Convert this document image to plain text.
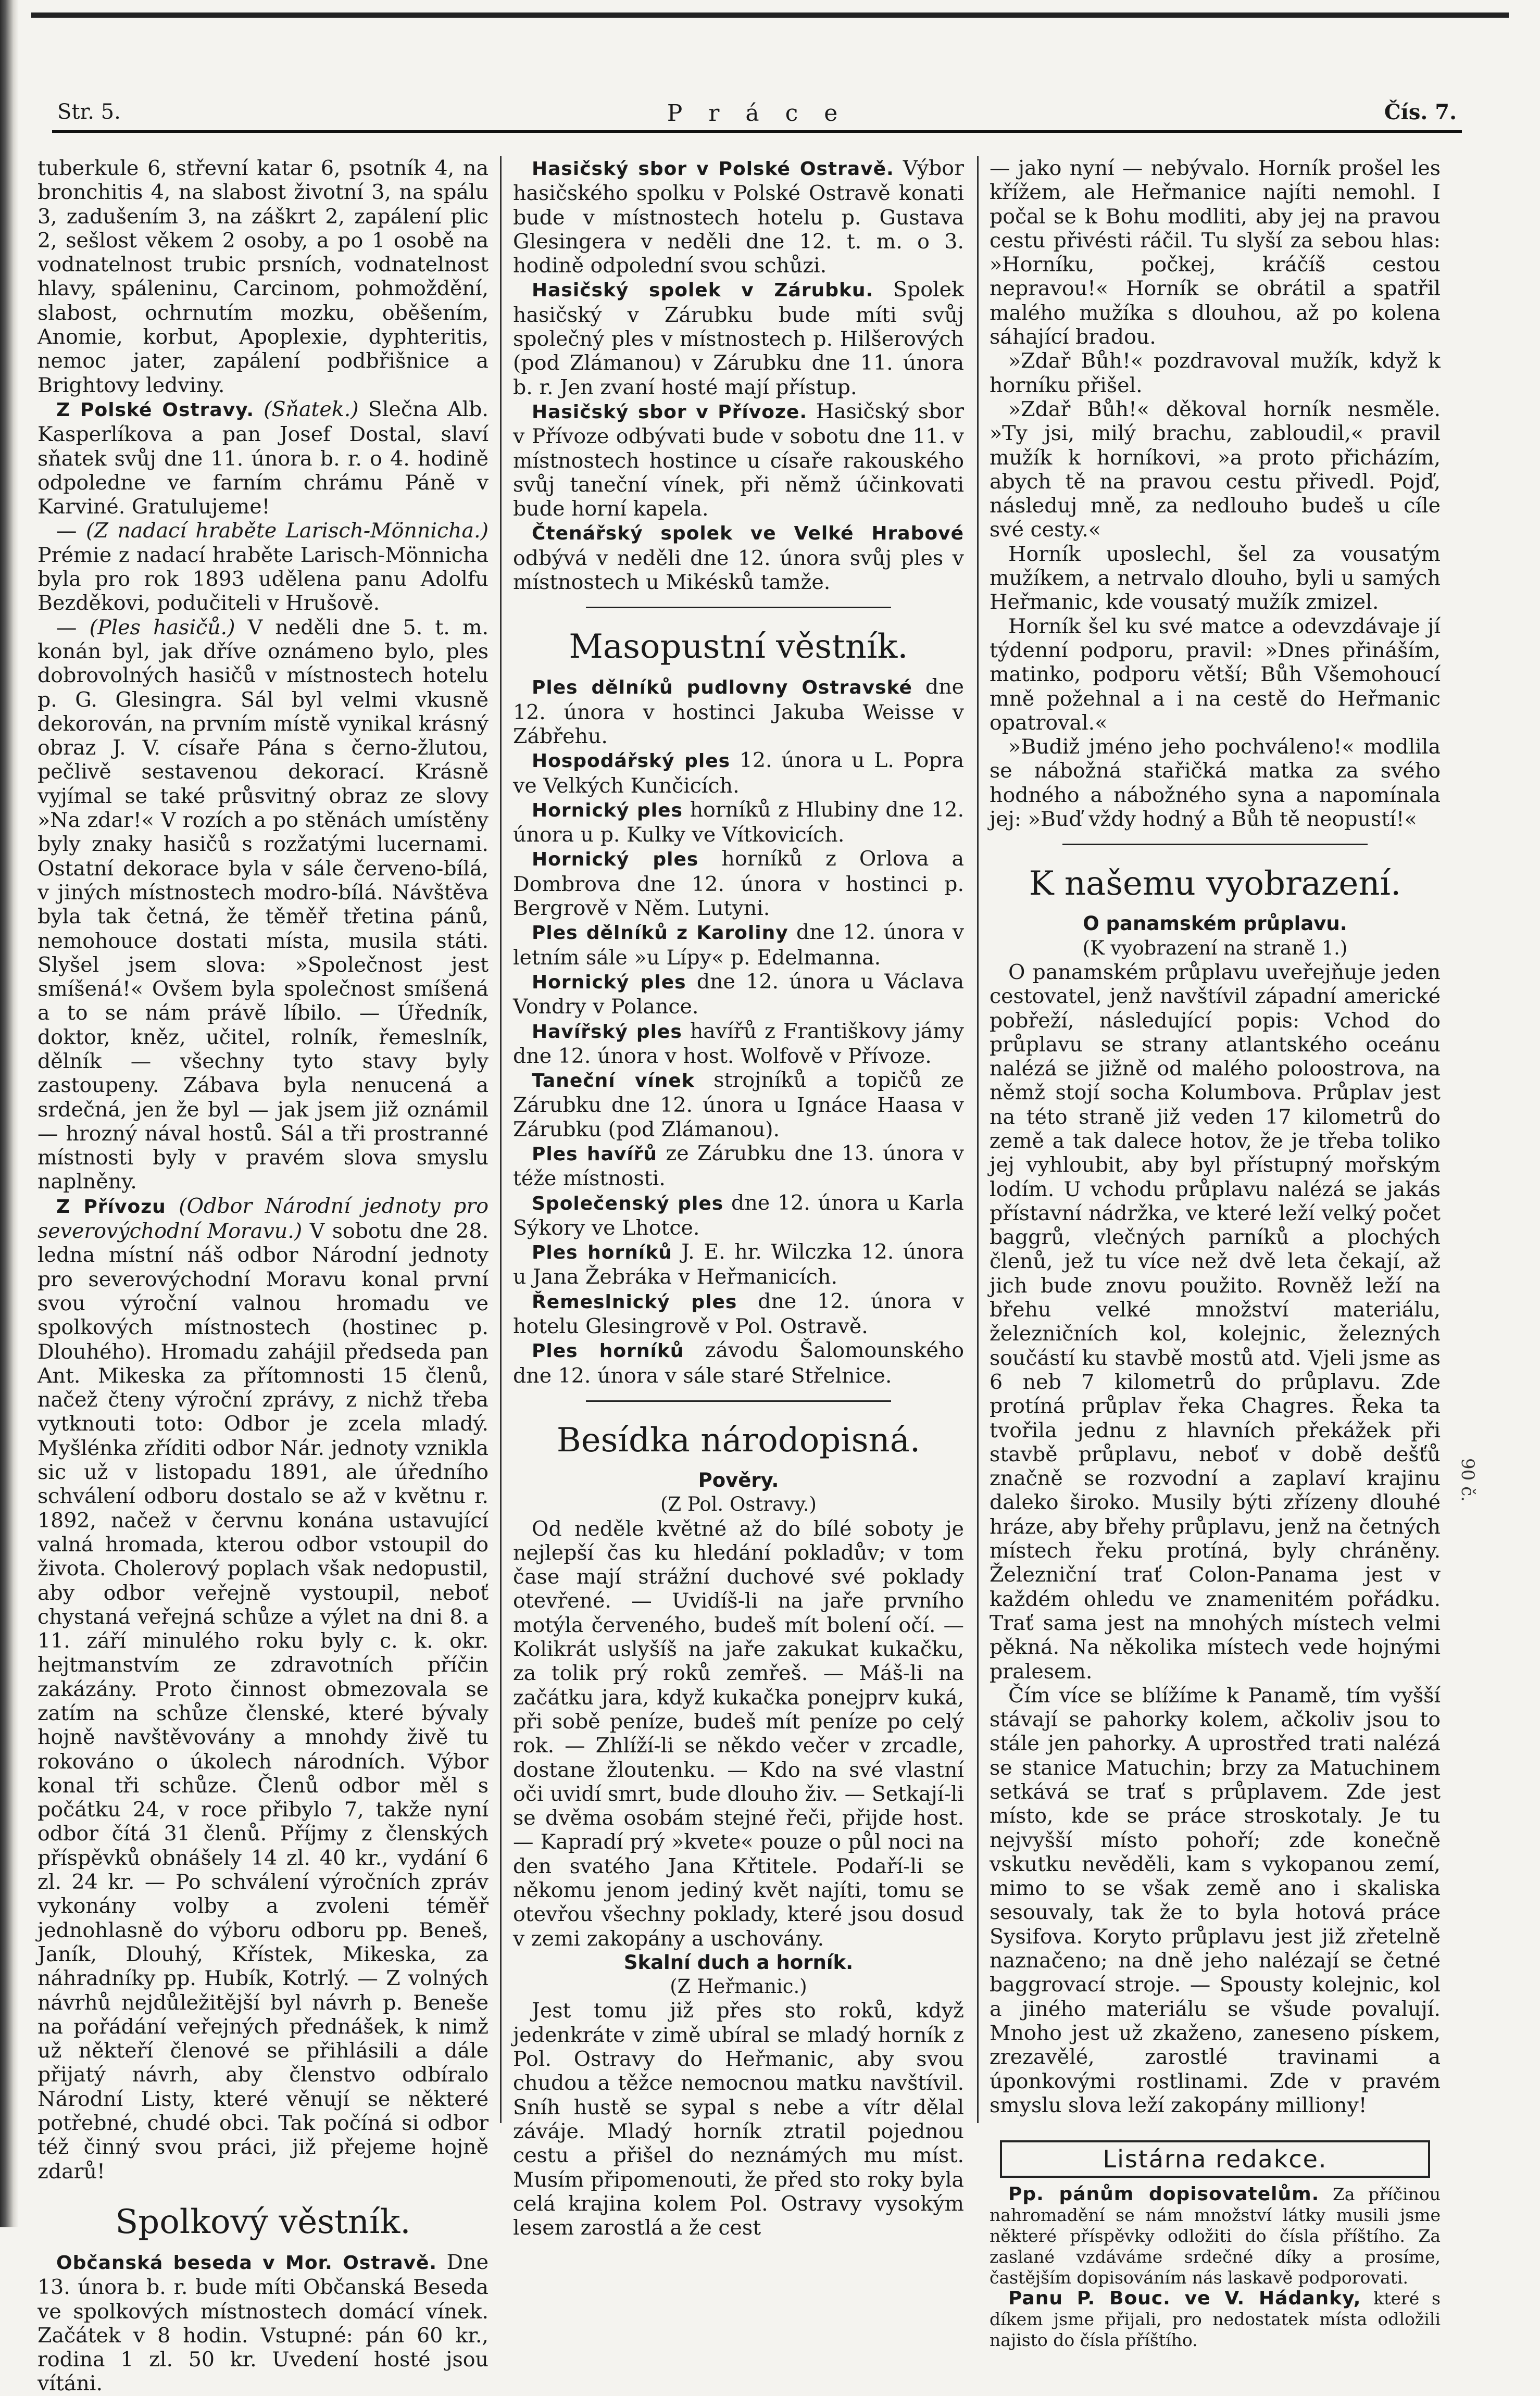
Str. 5.	P r á c e	Čís. 7.

tuberkule 6, střevní katar 6, psotník 4, na bronchitis 4, na slabost životní 3, na spálu 3, zadušením 3, na záškrt 2, zapálení plic 2, sešlost věkem 2 osoby, a po 1 osobě na vodnatelnost trubic prsních, vodnatelnost hlavy, spáleninu, Carcinom, pohmoždění, slabost, ochrnutím mozku, oběšením, Anomie, korbut, Apoplexie, dyphteritis, nemoc jater, zapálení podbřišnice a Brightovy ledviny.

Z Polské Ostravy. (Sňatek.) Slečna Alb. Kasperlíkova a pan Josef Dostal, slaví sňatek svůj dne 11. února b. r. o 4. hodině odpoledne ve farním chrámu Páně v Karviné. Gratulujeme!

— (Z nadací hraběte Larisch-Mönnicha.) Prémie z nadací hraběte Larisch-Mönnicha byla pro rok 1893 udělena panu Adolfu Bezděkovi, podučiteli v Hrušově.

— (Ples hasičů.) V neděli dne 5. t. m. konán byl, jak dříve oznámeno bylo, ples dobrovolných hasičů v místnostech hotelu p. G. Glesingra. Sál byl velmi vkusně dekorován, na prvním místě vynikal krásný obraz J. V. císaře Pána s černo-žlutou, pečlivě sestavenou dekorací. Krásně vyjímal se také průsvitný obraz ze slovy »Na zdar!« V rozích a po stěnách umístěny byly znaky hasičů s rozžatými lucernami. Ostatní dekorace byla v sále červeno-bílá, v jiných místnostech modro-bílá. Návštěva byla tak četná, že těměř třetina pánů, nemohouce dostati místa, musila státi. Slyšel jsem slova: »Společnost jest smíšená!« Ovšem byla společnost smíšená a to se nám právě líbilo. — Úředník, doktor, kněz, učitel, rolník, řemeslník, dělník — všechny tyto stavy byly zastoupeny. Zábava byla nenucená a srdečná, jen že byl — jak jsem již oznámil — hrozný nával hostů. Sál a tři prostranné místnosti byly v pravém slova smyslu naplněny.

Z Přívozu (Odbor Národní jednoty pro severovýchodní Moravu.) V sobotu dne 28. ledna místní náš odbor Národní jednoty pro severovýchodní Moravu konal první svou výroční valnou hromadu ve spolkových místnostech (hostinec p. Dlouhého). Hromadu zahájil předseda pan Ant. Mikeska za přítomnosti 15 členů, načež čteny výroční zprávy, z nichž třeba vytknouti toto: Odbor je zcela mladý. Myšlénka zříditi odbor Nár. jednoty vznikla sic už v listopadu 1891, ale úředního schválení odboru dostalo se až v květnu r. 1892, načež v červnu konána ustavující valná hromada, kterou odbor vstoupil do života. Cholerový poplach však nedopustil, aby odbor veřejně vystoupil, neboť chystaná veřejná schůze a výlet na dni 8. a 11. září minulého roku byly c. k. okr. hejtmanstvím ze zdravotních příčin zakázány. Proto činnost obmezovala se zatím na schůze členské, které bývaly hojně navštěvovány a mnohdy živě tu rokováno o úkolech národních. Výbor konal tři schůze. Členů odbor měl s počátku 24, v roce přibylo 7, takže nyní odbor čítá 31 členů. Příjmy z členských příspěvků obnášely 14 zl. 40 kr., vydání 6 zl. 24 kr. — Po schválení výročních zpráv vykonány volby a zvoleni téměř jednohlasně do výboru odboru pp. Beneš, Janík, Dlouhý, Křístek, Mikeska, za náhradníky pp. Hubík, Kotrlý. — Z volných návrhů nejdůležitější byl návrh p. Beneše na pořádání veřejných přednášek, k nimž už někteří členové se přihlásili a dále přijatý návrh, aby členstvo odbíralo Národní Listy, které věnují se některé potřebné, chudé obci. Tak počíná si odbor též činný svou práci, již přejeme hojně zdarů!

Spolkový věstník.

Občanská beseda v Mor. Ostravě. Dne 13. února b. r. bude míti Občanská Beseda ve spolkových místnostech domácí vínek. Začátek v 8 hodin. Vstupné: pán 60 kr., rodina 1 zl. 50 kr. Uvedení hosté jsou vítáni.

Hasičský sbor v Polské Ostravě. Výbor hasičského spolku v Polské Ostravě konati bude v místnostech hotelu p. Gustava Glesingera v neděli dne 12. t. m. o 3. hodině odpolední svou schůzi.

Hasičský spolek v Zárubku. Spolek hasičský v Zárubku bude míti svůj společný ples v místnostech p. Hilšerových (pod Zlámanou) v Zárubku dne 11. února b. r. Jen zvaní hosté mají přístup.

Hasičský sbor v Přívoze. Hasičský sbor v Přívoze odbývati bude v sobotu dne 11. v místnostech hostince u císaře rakouského svůj taneční vínek, při němž účinkovati bude horní kapela.

Čtenářský spolek ve Velké Hrabové odbývá v neděli dne 12. února svůj ples v místnostech u Mikésků tamže.

Masopustní věstník.

Ples dělníků pudlovny Ostravské dne 12. února v hostinci Jakuba Weisse v Zábřehu.

Hospodářský ples 12. února u L. Popra ve Velkých Kunčicích.

Hornický ples horníků z Hlubiny dne 12. února u p. Kulky ve Vítkovicích.

Hornický ples horníků z Orlova a Dombrova dne 12. února v hostinci p. Bergrově v Něm. Lutyni.

Ples dělníků z Karoliny dne 12. února v letním sále »u Lípy« p. Edelmanna.

Hornický ples dne 12. února u Václava Vondry v Polance.

Havířský ples havířů z Františkovy jámy dne 12. února v host. Wolfově v Přívoze.

Taneční vínek strojníků a topičů ze Zárubku dne 12. února u Ignáce Haasa v Zárubku (pod Zlámanou).

Ples havířů ze Zárubku dne 13. února v téže místnosti.

Společenský ples dne 12. února u Karla Sýkory ve Lhotce.

Ples horníků J. E. hr. Wilczka 12. února u Jana Žebráka v Heřmanicích.

Řemeslnický ples dne 12. února v hotelu Glesingrově v Pol. Ostravě.

Ples horníků závodu Šalomounského dne 12. února v sále staré Střelnice.

Besídka národopisná.
Pověry.
(Z Pol. Ostravy.)

Od neděle květné až do bílé soboty je nejlepší čas ku hledání pokladův; v tom čase mají strážní duchové své poklady otevřené. — Uvidíš-li na jaře prvního motýla červeného, budeš mít bolení očí. — Kolikrát uslyšíš na jaře zakukat kukačku, za tolik prý roků zemřeš. — Máš-li na začátku jara, když kukačka ponejprv kuká, při sobě peníze, budeš mít peníze po celý rok. — Zhlíží-li se někdo večer v zrcadle, dostane žloutenku. — Kdo na své vlastní oči uvidí smrt, bude dlouho živ. — Setkají-li se dvěma osobám stejné řeči, přijde host. — Kapradí prý »kvete« pouze o půl noci na den svatého Jana Křtitele. Podaří-li se někomu jenom jediný květ najíti, tomu se otevřou všechny poklady, které jsou dosud v zemi zakopány a uschovány.

Skalní duch a horník.
(Z Heřmanic.)

Jest tomu již přes sto roků, když jedenkráte v zimě ubíral se mladý horník z Pol. Ostravy do Heřmanic, aby svou chudou a těžce nemocnou matku navštívil. Sníh hustě se sypal s nebe a vítr dělal záváje. Mladý horník ztratil pojednou cestu a přišel do neznámých mu míst. Musím připomenouti, že před sto roky byla celá krajina kolem Pol. Ostravy vysokým lesem zarostlá a že cest

— jako nyní — nebývalo. Horník prošel les křížem, ale Heřmanice najíti nemohl. I počal se k Bohu modliti, aby jej na pravou cestu přivésti ráčil. Tu slyší za sebou hlas: »Horníku, počkej, kráčíš cestou nepravou!« Horník se obrátil a spatřil malého mužíka s dlouhou, až po kolena sáhající bradou.

»Zdař Bůh!« pozdravoval mužík, když k horníku přišel.

»Zdař Bůh!« děkoval horník nesměle. »Ty jsi, milý brachu, zabloudil,« pravil mužík k horníkovi, »a proto přicházím, abych tě na pravou cestu přivedl. Pojď, následuj mně, za nedlouho budeš u cíle své cesty.«

Horník uposlechl, šel za vousatým mužíkem, a netrvalo dlouho, byli u samých Heřmanic, kde vousatý mužík zmizel.

Horník šel ku své matce a odevzdávaje jí týdenní podporu, pravil: »Dnes přináším, matinko, podporu větší; Bůh Všemohoucí mně požehnal a i na cestě do Heřmanic opatroval.«

»Budiž jméno jeho pochváleno!« modlila se nábožná stařičká matka za svého hodného a nábožného syna a napomínala jej: »Buď vždy hodný a Bůh tě neopustí!«

K našemu vyobrazení.
O panamském průplavu.
(K vyobrazení na straně 1.)

O panamském průplavu uveřejňuje jeden cestovatel, jenž navštívil západní americké pobřeží, následující popis: Vchod do průplavu se strany atlantského oceánu nalézá se jižně od malého poloostrova, na němž stojí socha Kolumbova. Průplav jest na této straně již veden 17 kilometrů do země a tak dalece hotov, že je třeba toliko jej vyhloubit, aby byl přístupný mořským lodím. U vchodu průplavu nalézá se jakás přístavní nádržka, ve které leží velký počet baggrů, vlečných parníků a plochých členů, jež tu více než dvě leta čekají, až jich bude znovu použito. Rovněž leží na břehu velké množství materiálu, železničních kol, kolejnic, železných součástí ku stavbě mostů atd. Vjeli jsme as 6 neb 7 kilometrů do průplavu. Zde protíná průplav řeka Chagres. Řeka ta tvořila jednu z hlavních překážek při stavbě průplavu, neboť v době dešťů značně se rozvodní a zaplaví krajinu daleko široko. Musily býti zřízeny dlouhé hráze, aby břehy průplavu, jenž na četných místech řeku protíná, byly chráněny. Železniční trať Colon-Panama jest v každém ohledu ve znamenitém pořádku. Trať sama jest na mnohých místech velmi pěkná. Na několika místech vede hojnými pralesem.

Čím více se blížíme k Panamě, tím vyšší stávají se pahorky kolem, ačkoliv jsou to stále jen pahorky. A uprostřed trati nalézá se stanice Matuchin; brzy za Matuchinem setkává se trať s průplavem. Zde jest místo, kde se práce stroskotaly. Je tu nejvyšší místo pohoří; zde konečně vskutku nevěděli, kam s vykopanou zemí, mimo to se však země ano i skaliska sesouvaly, tak že to byla hotová práce Sysifova. Koryto průplavu jest již zřetelně naznačeno; na dně jeho nalézají se četné baggrovací stroje. — Spousty kolejnic, kol a jiného materiálu se všude povalují. Mnoho jest už zkaženo, zaneseno pískem, zrezavělé, zarostlé travinami a úponkovými rostlinami. Zde v pravém smyslu slova leží zakopány milliony!

Listárna redakce.

Pp. pánům dopisovatelům. Za příčinou nahromadění se nám množství látky musili jsme některé příspěvky odložiti do čísla příštího. Za zaslané vzdáváme srdečné díky a prosíme, častějším dopisováním nás laskavě podporovati.

Panu P. Bouc. ve V. Hádanky, které s díkem jsme přijali, pro nedostatek místa odložili najisto do čísla příštího.

90 č.
